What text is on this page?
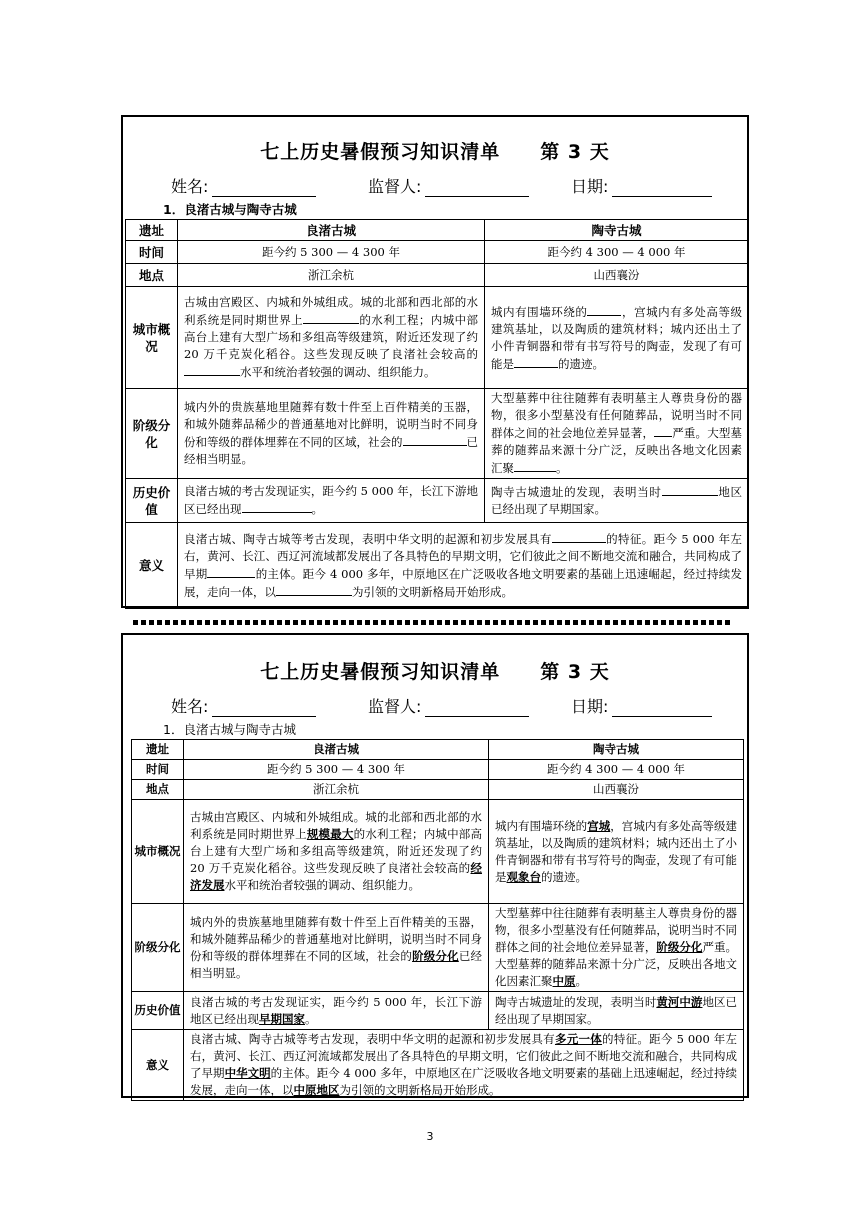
七上历史暑假预习知识清单 第 3 天
姓名:	监督人:	日期:
1．良渚古城与陶寺古城
遗址	良渚古城	陶寺古城
时间	距今约 5 300 — 4 300 年	距今约 4 300 — 4 000 年
地点	浙江余杭	山西襄汾
城市概况	古城由宫殿区、内城和外城组成。城的北部和西北部的水利系统是同时期世界上 的水利工程；内城中部高台上建有大型广场和多组高等级建筑，附近还发现了约 20 万千克炭化稻谷。这些发现反映了良渚社会较高的水平和统治者较强的调动、组织能力。	城内有围墙环绕的 ，宫城内有多处高等级建筑基址，以及陶质的建筑材料；城内还出土了小件青铜器和带有书写符号的陶壶，发现了有可能是 的遗迹。
阶级分化	城内外的贵族墓地里随葬有数十件至上百件精美的玉器，和城外随葬品稀少的普通墓地对比鲜明，说明当时不同身份和等级的群体埋葬在不同的区域，社会的 已经相当明显。	大型墓葬中往往随葬有表明墓主人尊贵身份的器物，很多小型墓没有任何随葬品，说明当时不同群体之间的社会地位差异显著， 严重。大型墓葬的随葬品来源十分广泛，反映出各地文化因素汇聚 。
历史价值	良渚古城的考古发现证实，距今约 5 000 年，长江下游地区已经出现 。	陶寺古城遗址的发现，表明当时 地区已经出现了早期国家。
意义	良渚古城、陶寺古城等考古发现，表明中华文明的起源和初步发展具有 的特征。距今 5 000 年左右，黄河、长江、西辽河流域都发展出了各具特色的早期文明，它们彼此之间不断地交流和融合，共同构成了早期 的主体。距今 4 000 多年，中原地区在广泛吸收各地文明要素的基础上迅速崛起，经过持续发展，走向一体，以 为引领的文明新格局开始形成。	
七上历史暑假预习知识清单 第 3 天
姓名:	监督人:	日期:
1．良渚古城与陶寺古城
遗址	良渚古城	陶寺古城
时间	距今约 5 300 — 4 300 年	距今约 4 300 — 4 000 年
地点	浙江余杭	山西襄汾
城市概况	古城由宫殿区、内城和外城组成。城的北部和西北部的水利系统是同时期世界上规模最大的水利工程；内城中部高台上建有大型广场和多组高等级建筑，附近还发现了约 20 万千克炭化稻谷。这些发现反映了良渚社会较高的经济发展水平和统治者较强的调动、组织能力。	城内有围墙环绕的宫城，宫城内有多处高等级建筑基址，以及陶质的建筑材料；城内还出土了小件青铜器和带有书写符号的陶壶，发现了有可能是观象台的遗迹。
阶级分化	城内外的贵族墓地里随葬有数十件至上百件精美的玉器，和城外随葬品稀少的普通墓地对比鲜明，说明当时不同身份和等级的群体埋葬在不同的区域，社会的阶级分化已经相当明显。	大型墓葬中往往随葬有表明墓主人尊贵身份的器物，很多小型墓没有任何随葬品，说明当时不同群体之间的社会地位差异显著，阶级分化严重。大型墓葬的随葬品来源十分广泛，反映出各地文化因素汇聚中原。
历史价值	良渚古城的考古发现证实，距今约 5 000 年，长江下游地区已经出现早期国家。	陶寺古城遗址的发现，表明当时黄河中游地区已经出现了早期国家。
意义	良渚古城、陶寺古城等考古发现，表明中华文明的起源和初步发展具有多元一体的特征。距今 5 000 年左右，黄河、长江、西辽河流域都发展出了各具特色的早期文明，它们彼此之间不断地交流和融合，共同构成了早期中华文明的主体。距今 4 000 多年，中原地区在广泛吸收各地文明要素的基础上迅速崛起，经过持续发展，走向一体，以中原地区为引领的文明新格局开始形成。	
3
